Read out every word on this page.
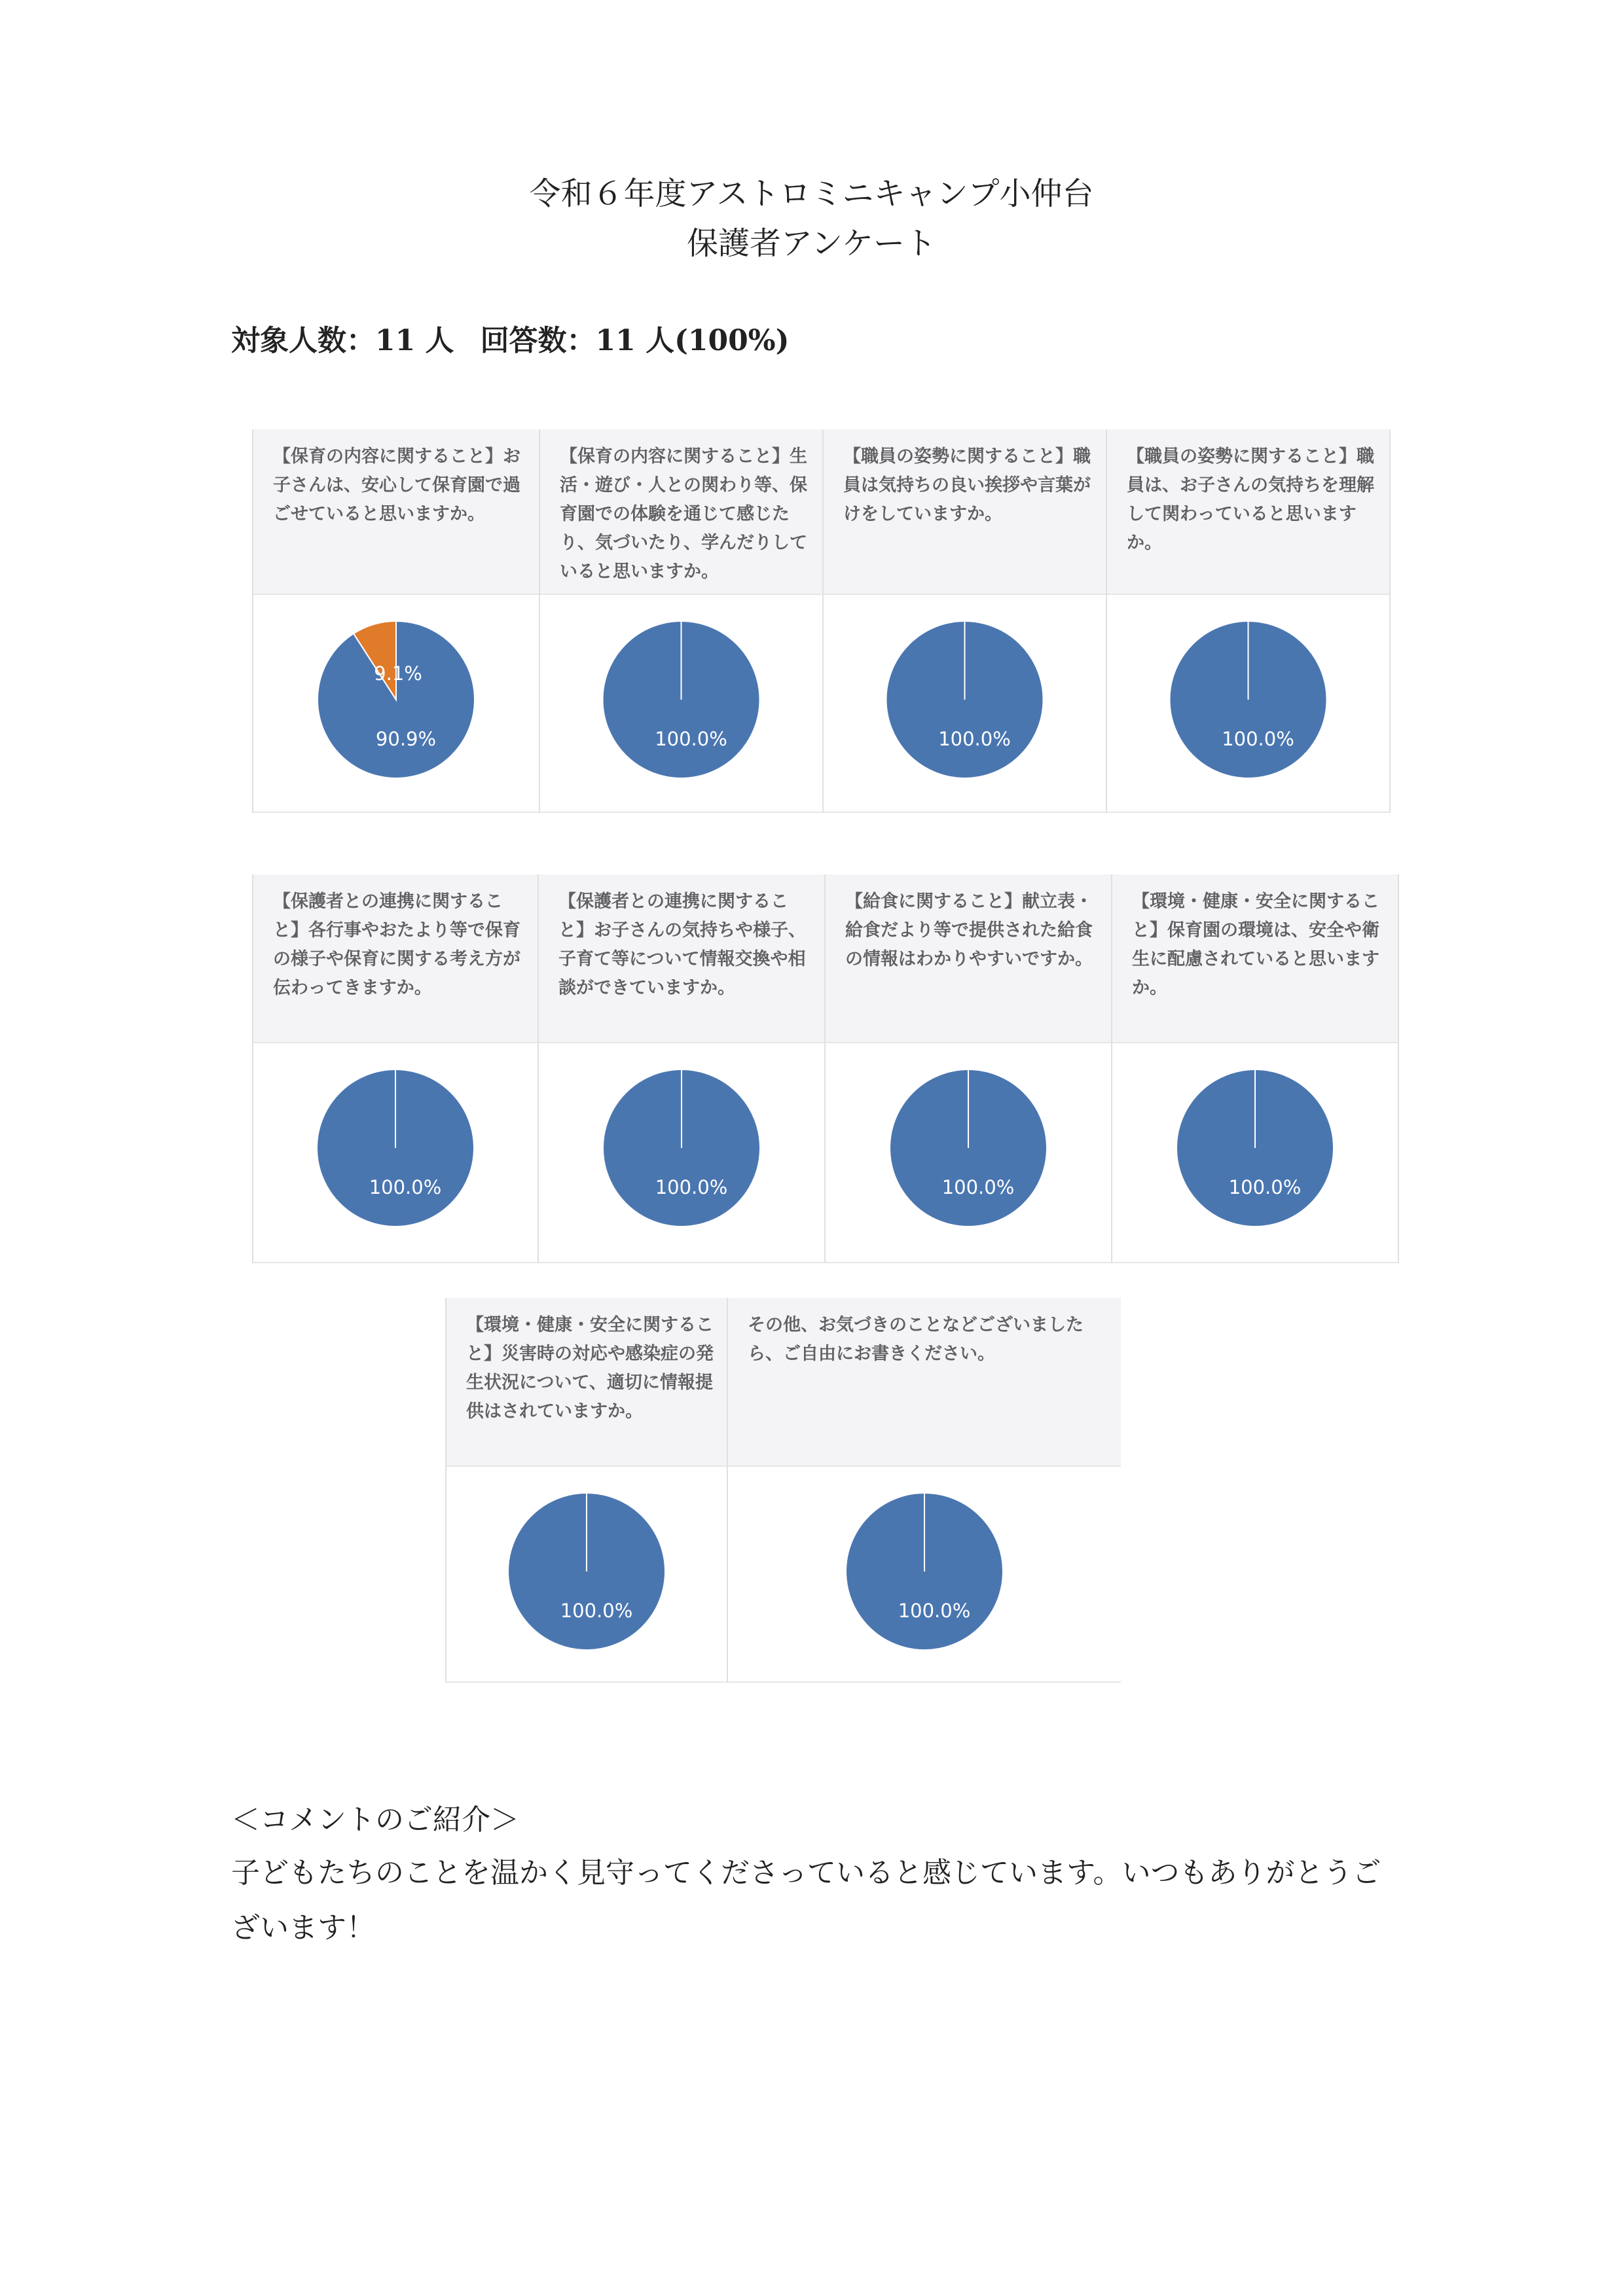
令和６年度アストロミニキャンプ小仲台
保護者アンケート
対象人数：11 人 回答数：11 人(100%)
【保育の内容に関すること】お子さんは、安心して保育園で過ごせていると思いますか。
90.9%
9.1%
【保育の内容に関すること】生活・遊び・人との関わり等、保育園での体験を通じて感じたり、気づいたり、学んだりしていると思いますか。
100.0%
【職員の姿勢に関すること】職員は気持ちの良い挨拶や言葉がけをしていますか。
100.0%
【職員の姿勢に関すること】職員は、お子さんの気持ちを理解して関わっていると思いますか。
100.0%
【保護者との連携に関すること】各行事やおたより等で保育の様子や保育に関する考え方が伝わってきますか。
100.0%
【保護者との連携に関すること】お子さんの気持ちや様子、子育て等について情報交換や相談ができていますか。
100.0%
【給食に関すること】献立表・給食だより等で提供された給食の情報はわかりやすいですか。
100.0%
【環境・健康・安全に関すること】保育園の環境は、安全や衛生に配慮されていると思いますか。
100.0%
【環境・健康・安全に関すること】災害時の対応や感染症の発生状況について、適切に情報提供はされていますか。
100.0%
その他、お気づきのことなどございましたら、ご自由にお書きください。
100.0%
＜コメントのご紹介＞
子どもたちのことを温かく見守ってくださっていると感じています。いつもありがとうございます！
